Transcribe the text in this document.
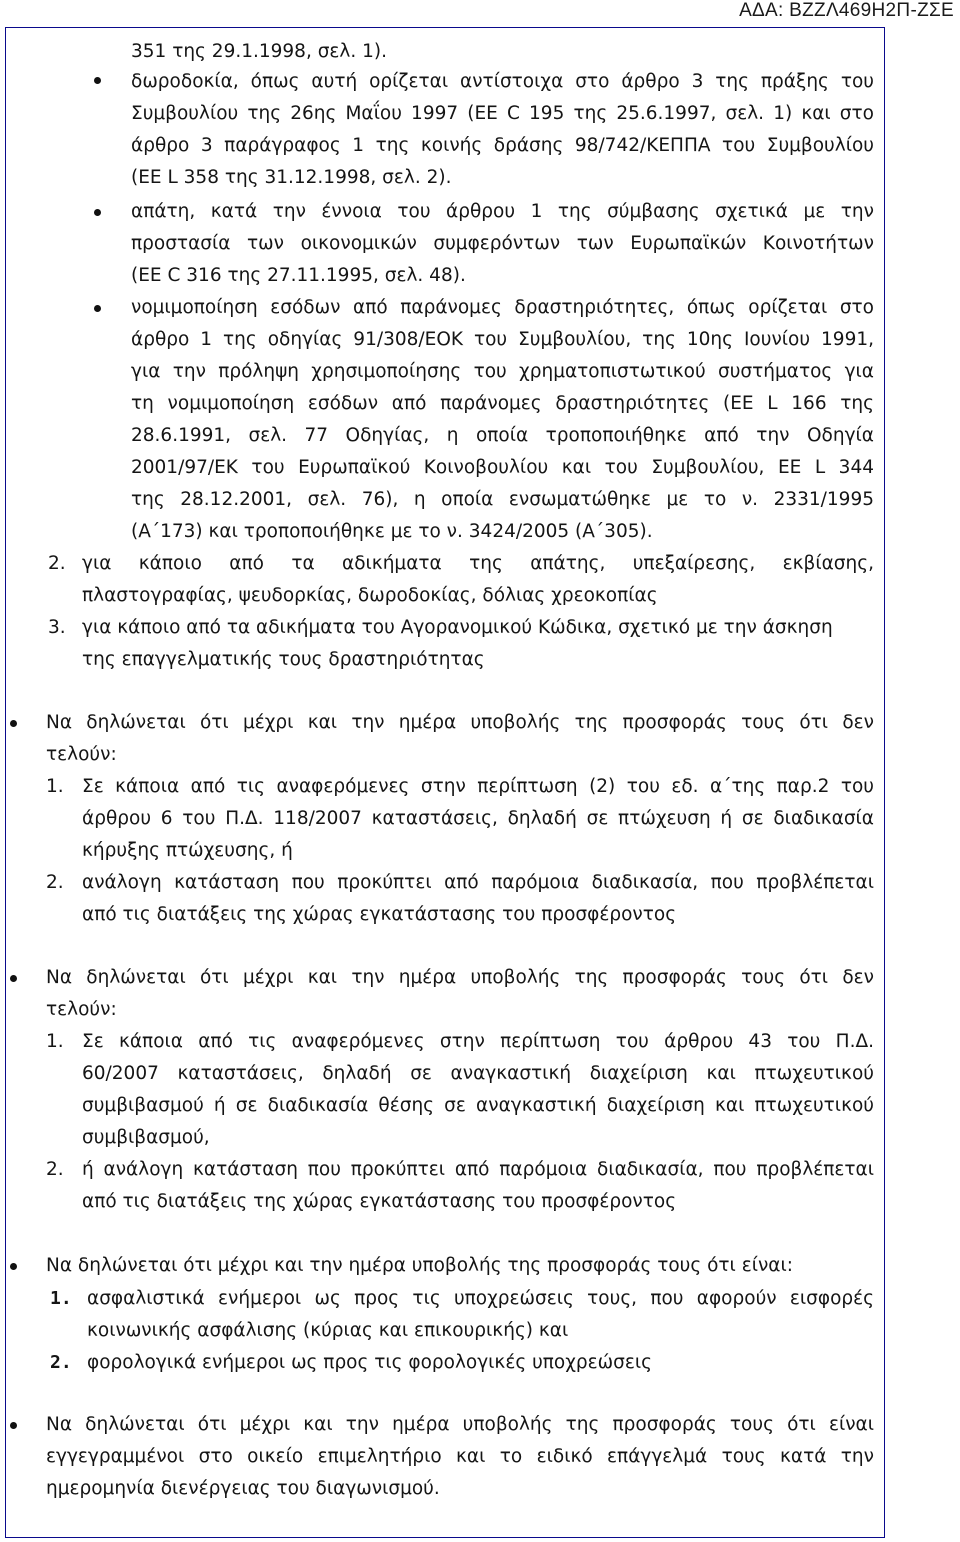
ΑΔΑ: ΒΖΖΛ469Η2Π-ΖΣΕ
351 της 29.1.1998, σελ. 1).
δωροδοκία, όπως αυτή ορίζεται αντίστοιχα στο άρθρο 3 της πράξης του
Συμβουλίου της 26ης Μαΐου 1997 (ΕΕ C 195 της 25.6.1997, σελ. 1) και στο
άρθρο 3 παράγραφος 1 της κοινής δράσης 98/742/ΚΕΠΠΑ του Συμβουλίου
(ΕΕ L 358 της 31.12.1998, σελ. 2).
απάτη, κατά την έννοια του άρθρου 1 της σύμβασης σχετικά με την
προστασία των οικονομικών συμφερόντων των Ευρωπαϊκών Κοινοτήτων
(ΕΕ C 316 της 27.11.1995, σελ. 48).
νομιμοποίηση εσόδων από παράνομες δραστηριότητες, όπως ορίζεται στο
άρθρο 1 της οδηγίας 91/308/ΕΟΚ του Συμβουλίου, της 10ης Ιουνίου 1991,
για την πρόληψη χρησιμοποίησης του χρηματοπιστωτικού συστήματος για
τη νομιμοποίηση εσόδων από παράνομες δραστηριότητες (ΕΕ L 166 της
28.6.1991, σελ. 77 Οδηγίας, η οποία τροποποιήθηκε από την Οδηγία
2001/97/ΕΚ του Ευρωπαϊκού Κοινοβουλίου και του Συμβουλίου, ΕΕ L 344
της 28.12.2001, σελ. 76), η οποία ενσωματώθηκε με το ν. 2331/1995
(Α΄173) και τροποποιήθηκε με το ν. 3424/2005 (Α΄305).
2. για κάποιο από τα αδικήματα της απάτης, υπεξαίρεσης, εκβίασης,
πλαστογραφίας, ψευδορκίας, δωροδοκίας, δόλιας χρεοκοπίας
3. για κάποιο από τα αδικήματα του Αγορανομικού Κώδικα, σχετικό με την άσκηση
της επαγγελματικής τους δραστηριότητας
Να δηλώνεται ότι μέχρι και την ημέρα υποβολής της προσφοράς τους ότι δεν
τελούν:
1. Σε κάποια από τις αναφερόμενες στην περίπτωση (2) του εδ. α΄της παρ.2 του
άρθρου 6 του Π.Δ. 118/2007 καταστάσεις, δηλαδή σε πτώχευση ή σε διαδικασία
κήρυξης πτώχευσης, ή
2. ανάλογη κατάσταση που προκύπτει από παρόμοια διαδικασία, που προβλέπεται
από τις διατάξεις της χώρας εγκατάστασης του προσφέροντος
Να δηλώνεται ότι μέχρι και την ημέρα υποβολής της προσφοράς τους ότι δεν
τελούν:
1. Σε κάποια από τις αναφερόμενες στην περίπτωση του άρθρου 43 του Π.Δ.
60/2007 καταστάσεις, δηλαδή σε αναγκαστική διαχείριση και πτωχευτικού
συμβιβασμού ή σε διαδικασία θέσης σε αναγκαστική διαχείριση και πτωχευτικού
συμβιβασμού,
2. ή ανάλογη κατάσταση που προκύπτει από παρόμοια διαδικασία, που προβλέπεται
από τις διατάξεις της χώρας εγκατάστασης του προσφέροντος
Να δηλώνεται ότι μέχρι και την ημέρα υποβολής της προσφοράς τους ότι είναι:
1. ασφαλιστικά ενήμεροι ως προς τις υποχρεώσεις τους, που αφορούν εισφορές
κοινωνικής ασφάλισης (κύριας και επικουρικής) και
2. φορολογικά ενήμεροι ως προς τις φορολογικές υποχρεώσεις
Να δηλώνεται ότι μέχρι και την ημέρα υποβολής της προσφοράς τους ότι είναι
εγγεγραμμένοι στο οικείο επιμελητήριο και το ειδικό επάγγελμά τους κατά την
ημερομηνία διενέργειας του διαγωνισμού.
